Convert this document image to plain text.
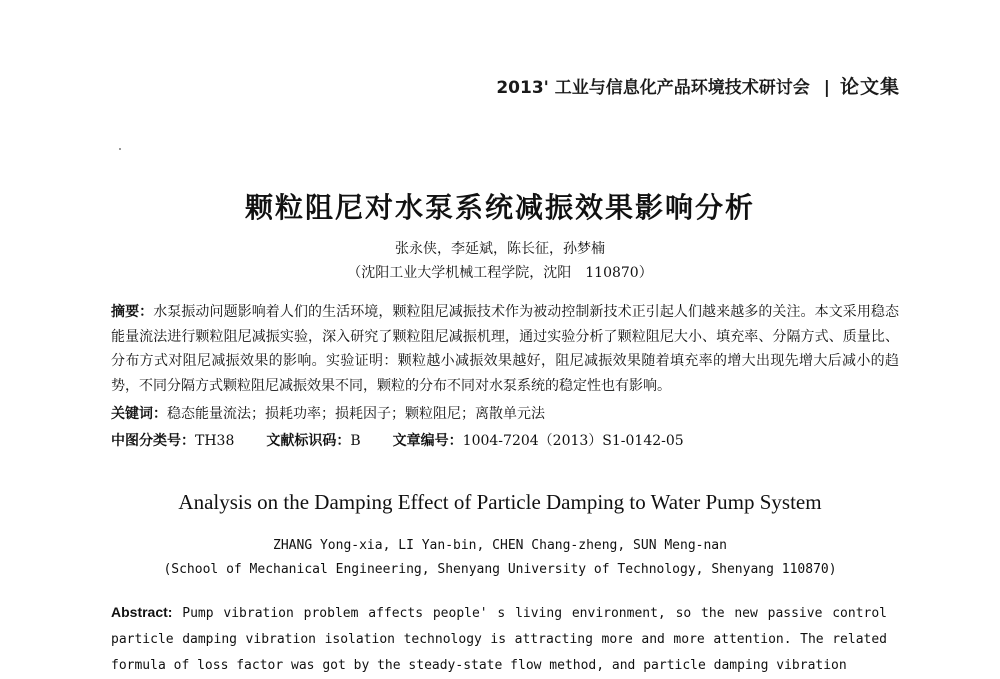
2013' 工业与信息化产品环境技术研讨会 | 论文集
颗粒阻尼对水泵系统减振效果影响分析
张永侠，李延斌，陈长征，孙梦楠
（沈阳工业大学机械工程学院，沈阳　110870）
摘要：水泵振动问题影响着人们的生活环境，颗粒阻尼减振技术作为被动控制新技术正引起人们越来越多的关注。本文采用稳态能量流法进行颗粒阻尼减振实验，深入研究了颗粒阻尼减振机理，通过实验分析了颗粒阻尼大小、填充率、分隔方式、质量比、分布方式对阻尼减振效果的影响。实验证明：颗粒越小减振效果越好，阻尼减振效果随着填充率的增大出现先增大后减小的趋势，不同分隔方式颗粒阻尼减振效果不同，颗粒的分布不同对水泵系统的稳定性也有影响。
关键词：稳态能量流法；损耗功率；损耗因子；颗粒阻尼；离散单元法
中图分类号：TH38 文献标识码：B 文章编号：1004-7204（2013）S1-0142-05
Analysis on the Damping Effect of Particle Damping to Water Pump System
ZHANG Yong-xia, LI Yan-bin, CHEN Chang-zheng, SUN Meng-nan
(School of Mechanical Engineering, Shenyang University of Technology, Shenyang 110870)
Abstract: Pump vibration problem affects people' s living environment, so the new passive control particle damping vibration isolation technology is attracting more and more attention. The related formula of loss factor was got by the steady-state flow method, and particle damping vibration
